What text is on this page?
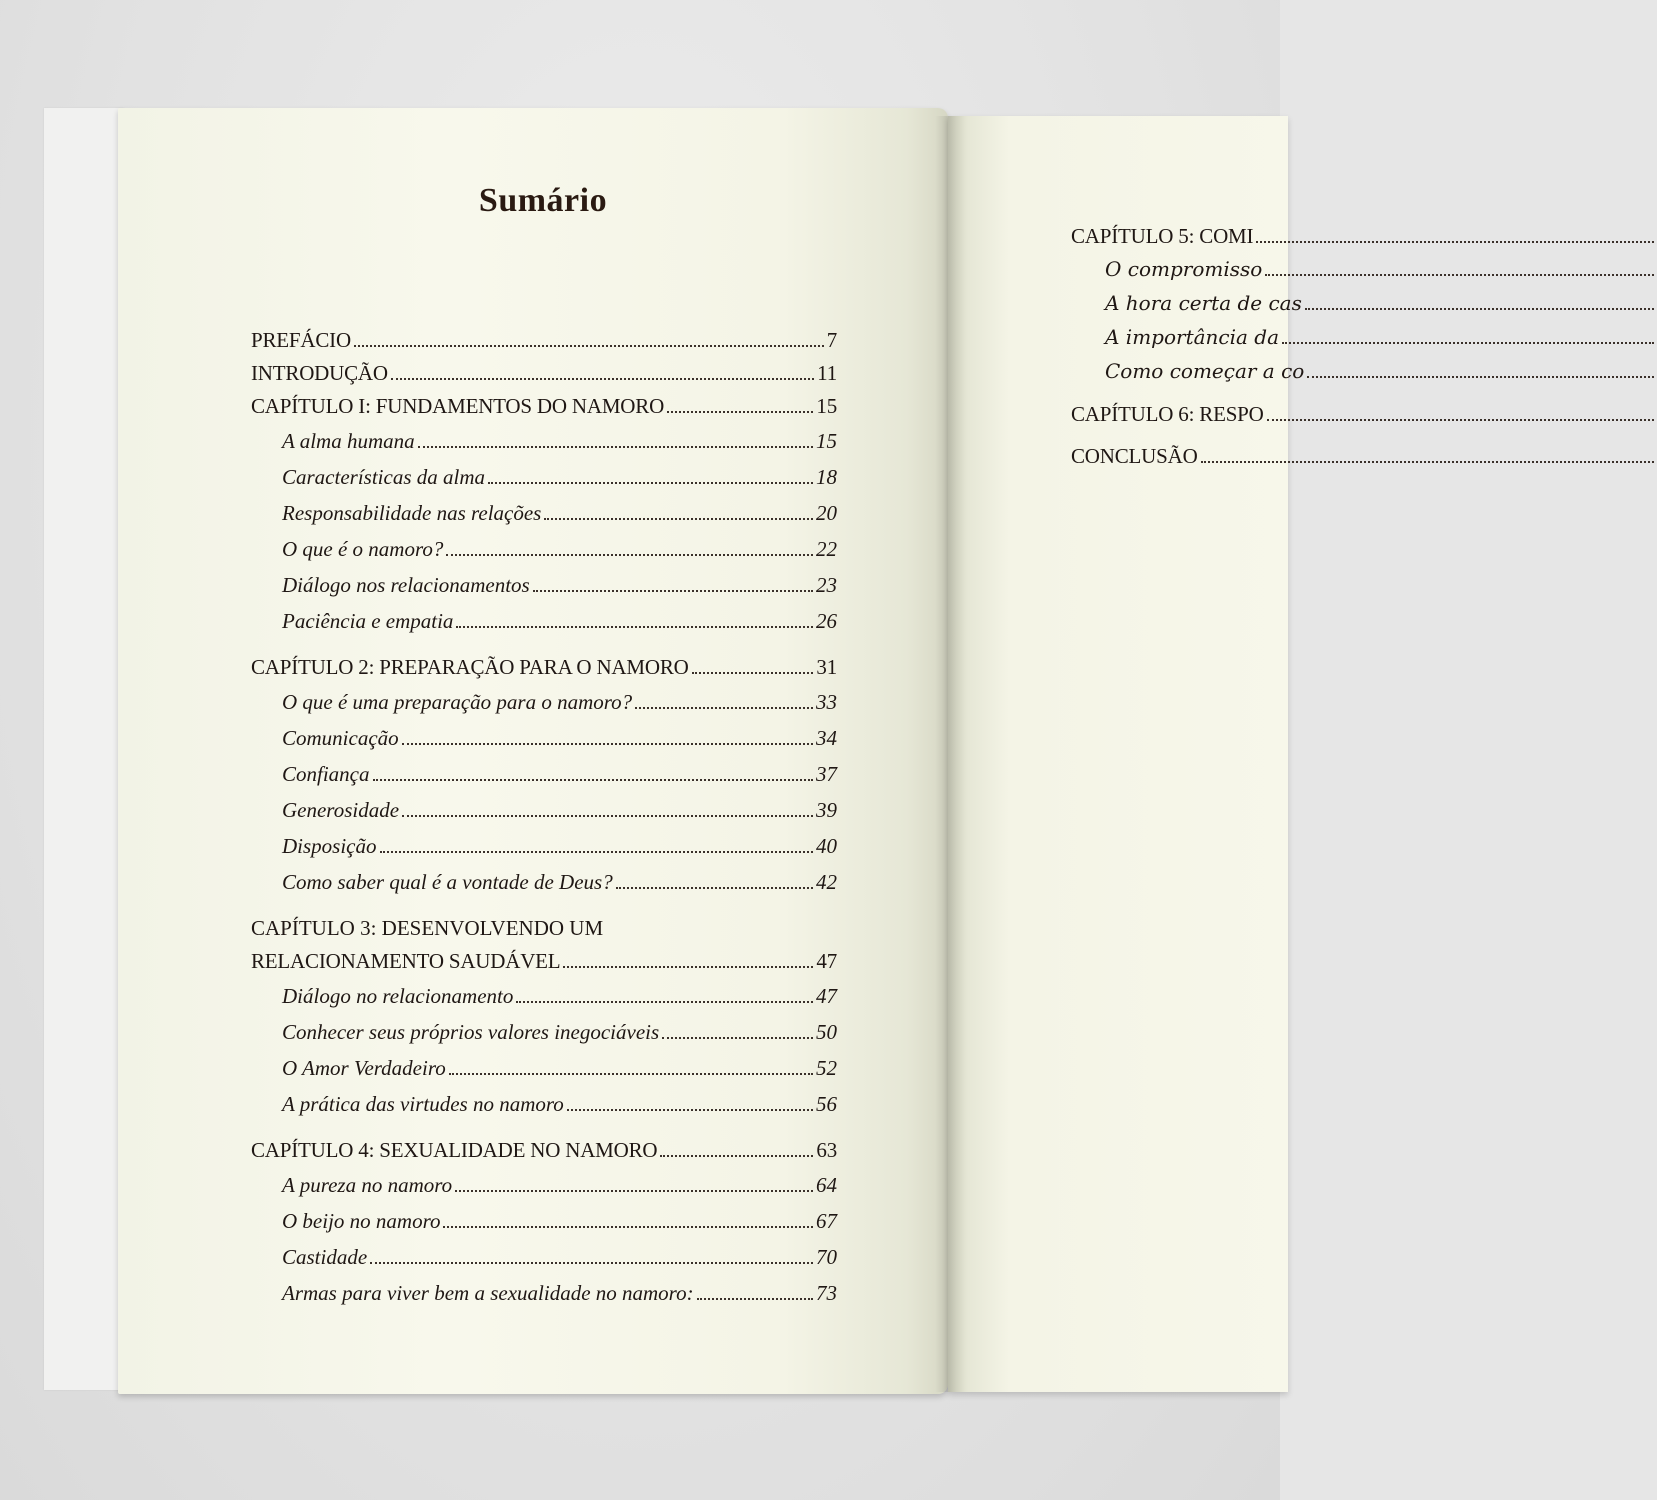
Sumário
PREFÁCIO	7
INTRODUÇÃO	11
CAPÍTULO I: FUNDAMENTOS DO NAMORO	15
A alma humana	15
Características da alma	18
Responsabilidade nas relações	20
O que é o namoro?	22
Diálogo nos relacionamentos	23
Paciência e empatia	26
CAPÍTULO 2: PREPARAÇÃO PARA O NAMORO	31
O que é uma preparação para o namoro?	33
Comunicação	34
Confiança	37
Generosidade	39
Disposição	40
Como saber qual é a vontade de Deus?	42
CAPÍTULO 3: DESENVOLVENDO UM
RELACIONAMENTO SAUDÁVEL	47
Diálogo no relacionamento	47
Conhecer seus próprios valores inegociáveis	50
O Amor Verdadeiro	52
A prática das virtudes no namoro	56
CAPÍTULO 4: SEXUALIDADE NO NAMORO	63
A pureza no namoro	64
O beijo no namoro	67
Castidade	70
Armas para viver bem a sexualidade no namoro:	73
CAPÍTULO 5: COMI
O compromisso
A hora certa de cas
A importância da
Como começar a co
CAPÍTULO 6: RESPO
CONCLUSÃO
